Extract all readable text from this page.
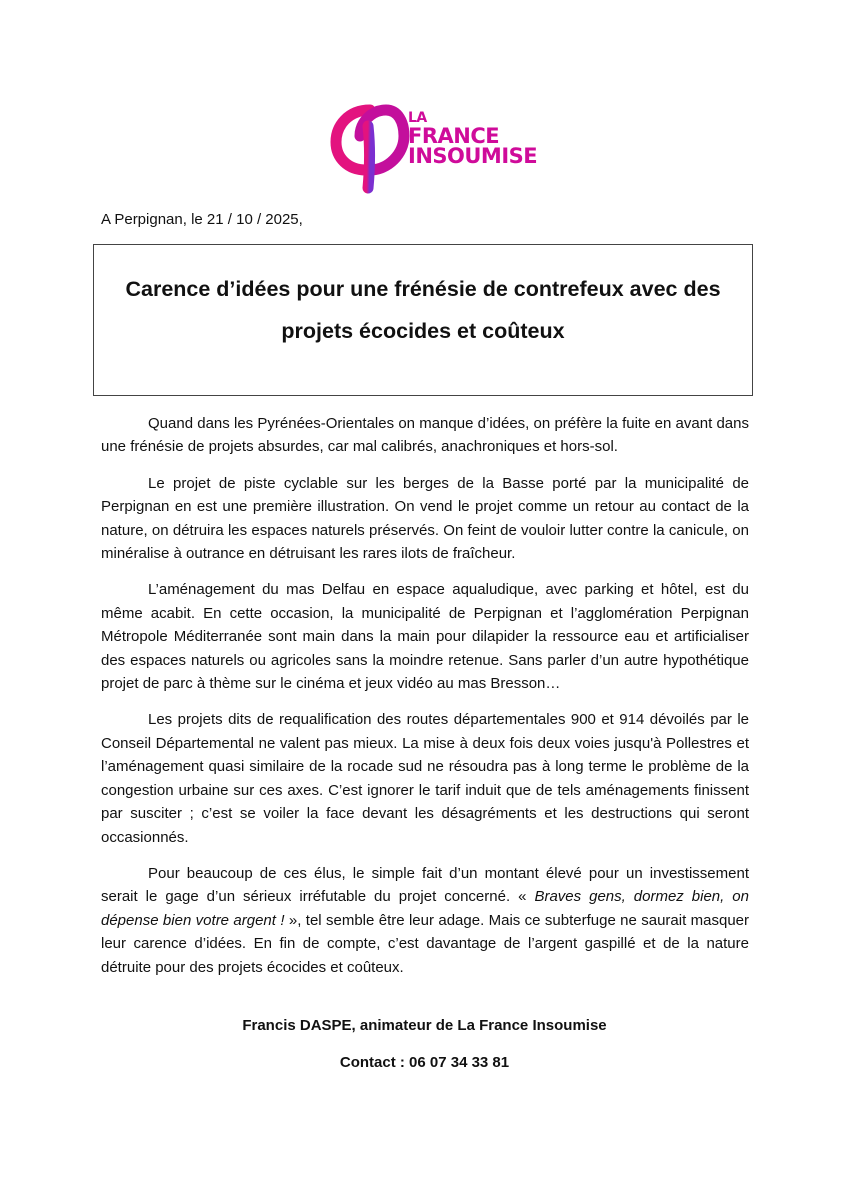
LA
FRANCE
INSOUMISE
A Perpignan, le 21 / 10 / 2025,
Carence d’idées pour une frénésie de contrefeux avec des projets écocides et coûteux

Quand dans les Pyrénées-Orientales on manque d’idées, on préfère la fuite en avant dans une frénésie de projets absurdes, car mal calibrés, anachroniques et hors-sol.

Le projet de piste cyclable sur les berges de la Basse porté par la municipalité de Perpignan en est une première illustration. On vend le projet comme un retour au contact de la nature, on détruira les espaces naturels préservés. On feint de vouloir lutter contre la canicule, on minéralise à outrance en détruisant les rares ilots de fraîcheur.

L’aménagement du mas Delfau en espace aqualudique, avec parking et hôtel, est du même acabit. En cette occasion, la municipalité de Perpignan et l’agglomération Perpignan Métropole Méditerranée sont main dans la main pour dilapider la ressource eau et artificialiser des espaces naturels ou agricoles sans la moindre retenue. Sans parler d’un autre hypothétique projet de parc à thème sur le cinéma et jeux vidéo au mas Bresson…

Les projets dits de requalification des routes départementales 900 et 914 dévoilés par le Conseil Départemental ne valent pas mieux. La mise à deux fois deux voies jusqu'à Pollestres et l’aménagement quasi similaire de la rocade sud ne résoudra pas à long terme le problème de la congestion urbaine sur ces axes. C’est ignorer le tarif induit que de tels aménagements finissent par susciter ; c’est se voiler la face devant les désagréments et les destructions qui seront occasionnés.

Pour beaucoup de ces élus, le simple fait d’un montant élevé pour un investissement serait le gage d’un sérieux irréfutable du projet concerné. « Braves gens, dormez bien, on dépense bien votre argent ! », tel semble être leur adage. Mais ce subterfuge ne saurait masquer leur carence d’idées. En fin de compte, c’est davantage de l’argent gaspillé et de la nature détruite pour des projets écocides et coûteux.

Francis DASPE, animateur de La France Insoumise
Contact : 06 07 34 33 81
